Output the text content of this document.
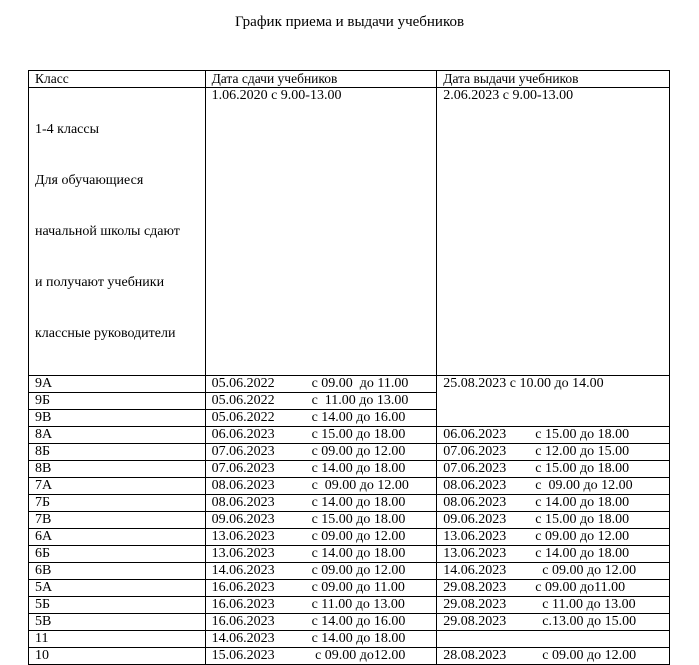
График приема и выдачи учебников
Класс	Дата сдачи учебников	Дата выдачи учебников

1-4 классы

Для обучающиеся

начальной школы сдают

и получают учебники

классные руководители	1.06.2020 с 9.00-13.00	2.06.2023 с 9.00-13.00
9А	05.06.2022 с 09.00  до 11.00	25.08.2023 с 10.00 до 14.00
9Б	05.06.2022 с  11.00 до 13.00	
9В	05.06.2022 с 14.00 до 16.00	
8А	06.06.2023 с 15.00 до 18.00	06.06.2023 с 15.00 до 18.00
8Б	07.06.2023 с 09.00 до 12.00	07.06.2023 с 12.00 до 15.00
8В	07.06.2023 с 14.00 до 18.00	07.06.2023 с 15.00 до 18.00
7А	08.06.2023 с  09.00 до 12.00	08.06.2023 с  09.00 до 12.00
7Б	08.06.2023 с 14.00 до 18.00	08.06.2023 с 14.00 до 18.00
7В	09.06.2023 с 15.00 до 18.00	09.06.2023 с 15.00 до 18.00
6А	13.06.2023 с 09.00 до 12.00	13.06.2023 с 09.00 до 12.00
6Б	13.06.2023 с 14.00 до 18.00	13.06.2023 с 14.00 до 18.00
6В	14.06.2023 с 09.00 до 12.00	14.06.2023  с 09.00 до 12.00
5А	16.06.2023 с 09.00 до 11.00	29.08.2023 с 09.00 до11.00
5Б	16.06.2023 с 11.00 до 13.00	29.08.2023  с 11.00 до 13.00
5В	16.06.2023 с 14.00 до 16.00	29.08.2023  с.13.00 до 15.00
11	14.06.2023 с 14.00 до 18.00	
10	15.06.2023 с 09.00 до12.00	28.08.2023  с 09.00 до 12.00
